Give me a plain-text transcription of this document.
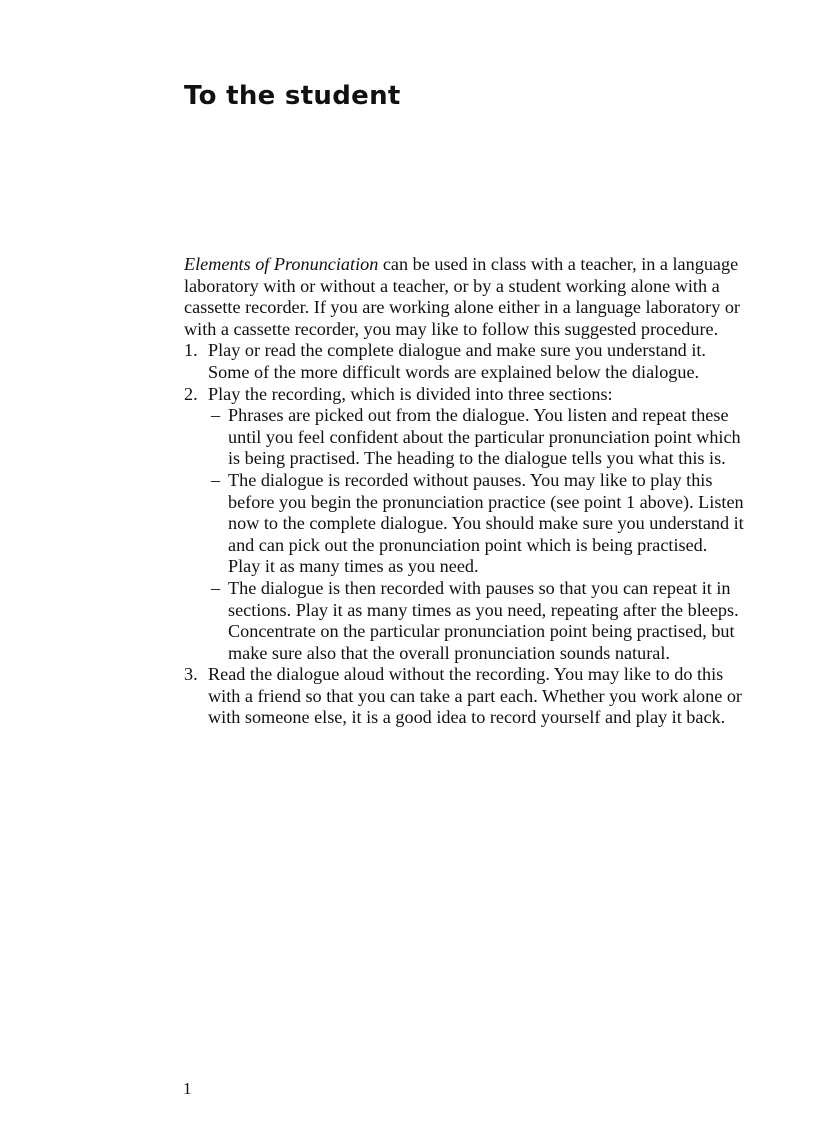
To the student

Elements of Pronunciation can be used in class with a teacher, in a language laboratory with or without a teacher, or by a student working alone with a cassette recorder. If you are working alone either in a language laboratory or with a cassette recorder, you may like to follow this suggested procedure.

1. Play or read the complete dialogue and make sure you understand it. Some of the more difficult words are explained below the dialogue.
2. Play the recording, which is divided into three sections:
– Phrases are picked out from the dialogue. You listen and repeat these until you feel confident about the particular pronunciation point which is being practised. The heading to the dialogue tells you what this is.
– The dialogue is recorded without pauses. You may like to play this before you begin the pronunciation practice (see point 1 above). Listen now to the complete dialogue. You should make sure you understand it and can pick out the pronunciation point which is being practised. Play it as many times as you need.
– The dialogue is then recorded with pauses so that you can repeat it in sections. Play it as many times as you need, repeating after the bleeps. Concentrate on the particular pronunciation point being practised, but make sure also that the overall pronunciation sounds natural.
3. Read the dialogue aloud without the recording. You may like to do this with a friend so that you can take a part each. Whether you work alone or with someone else, it is a good idea to record yourself and play it back.
1
